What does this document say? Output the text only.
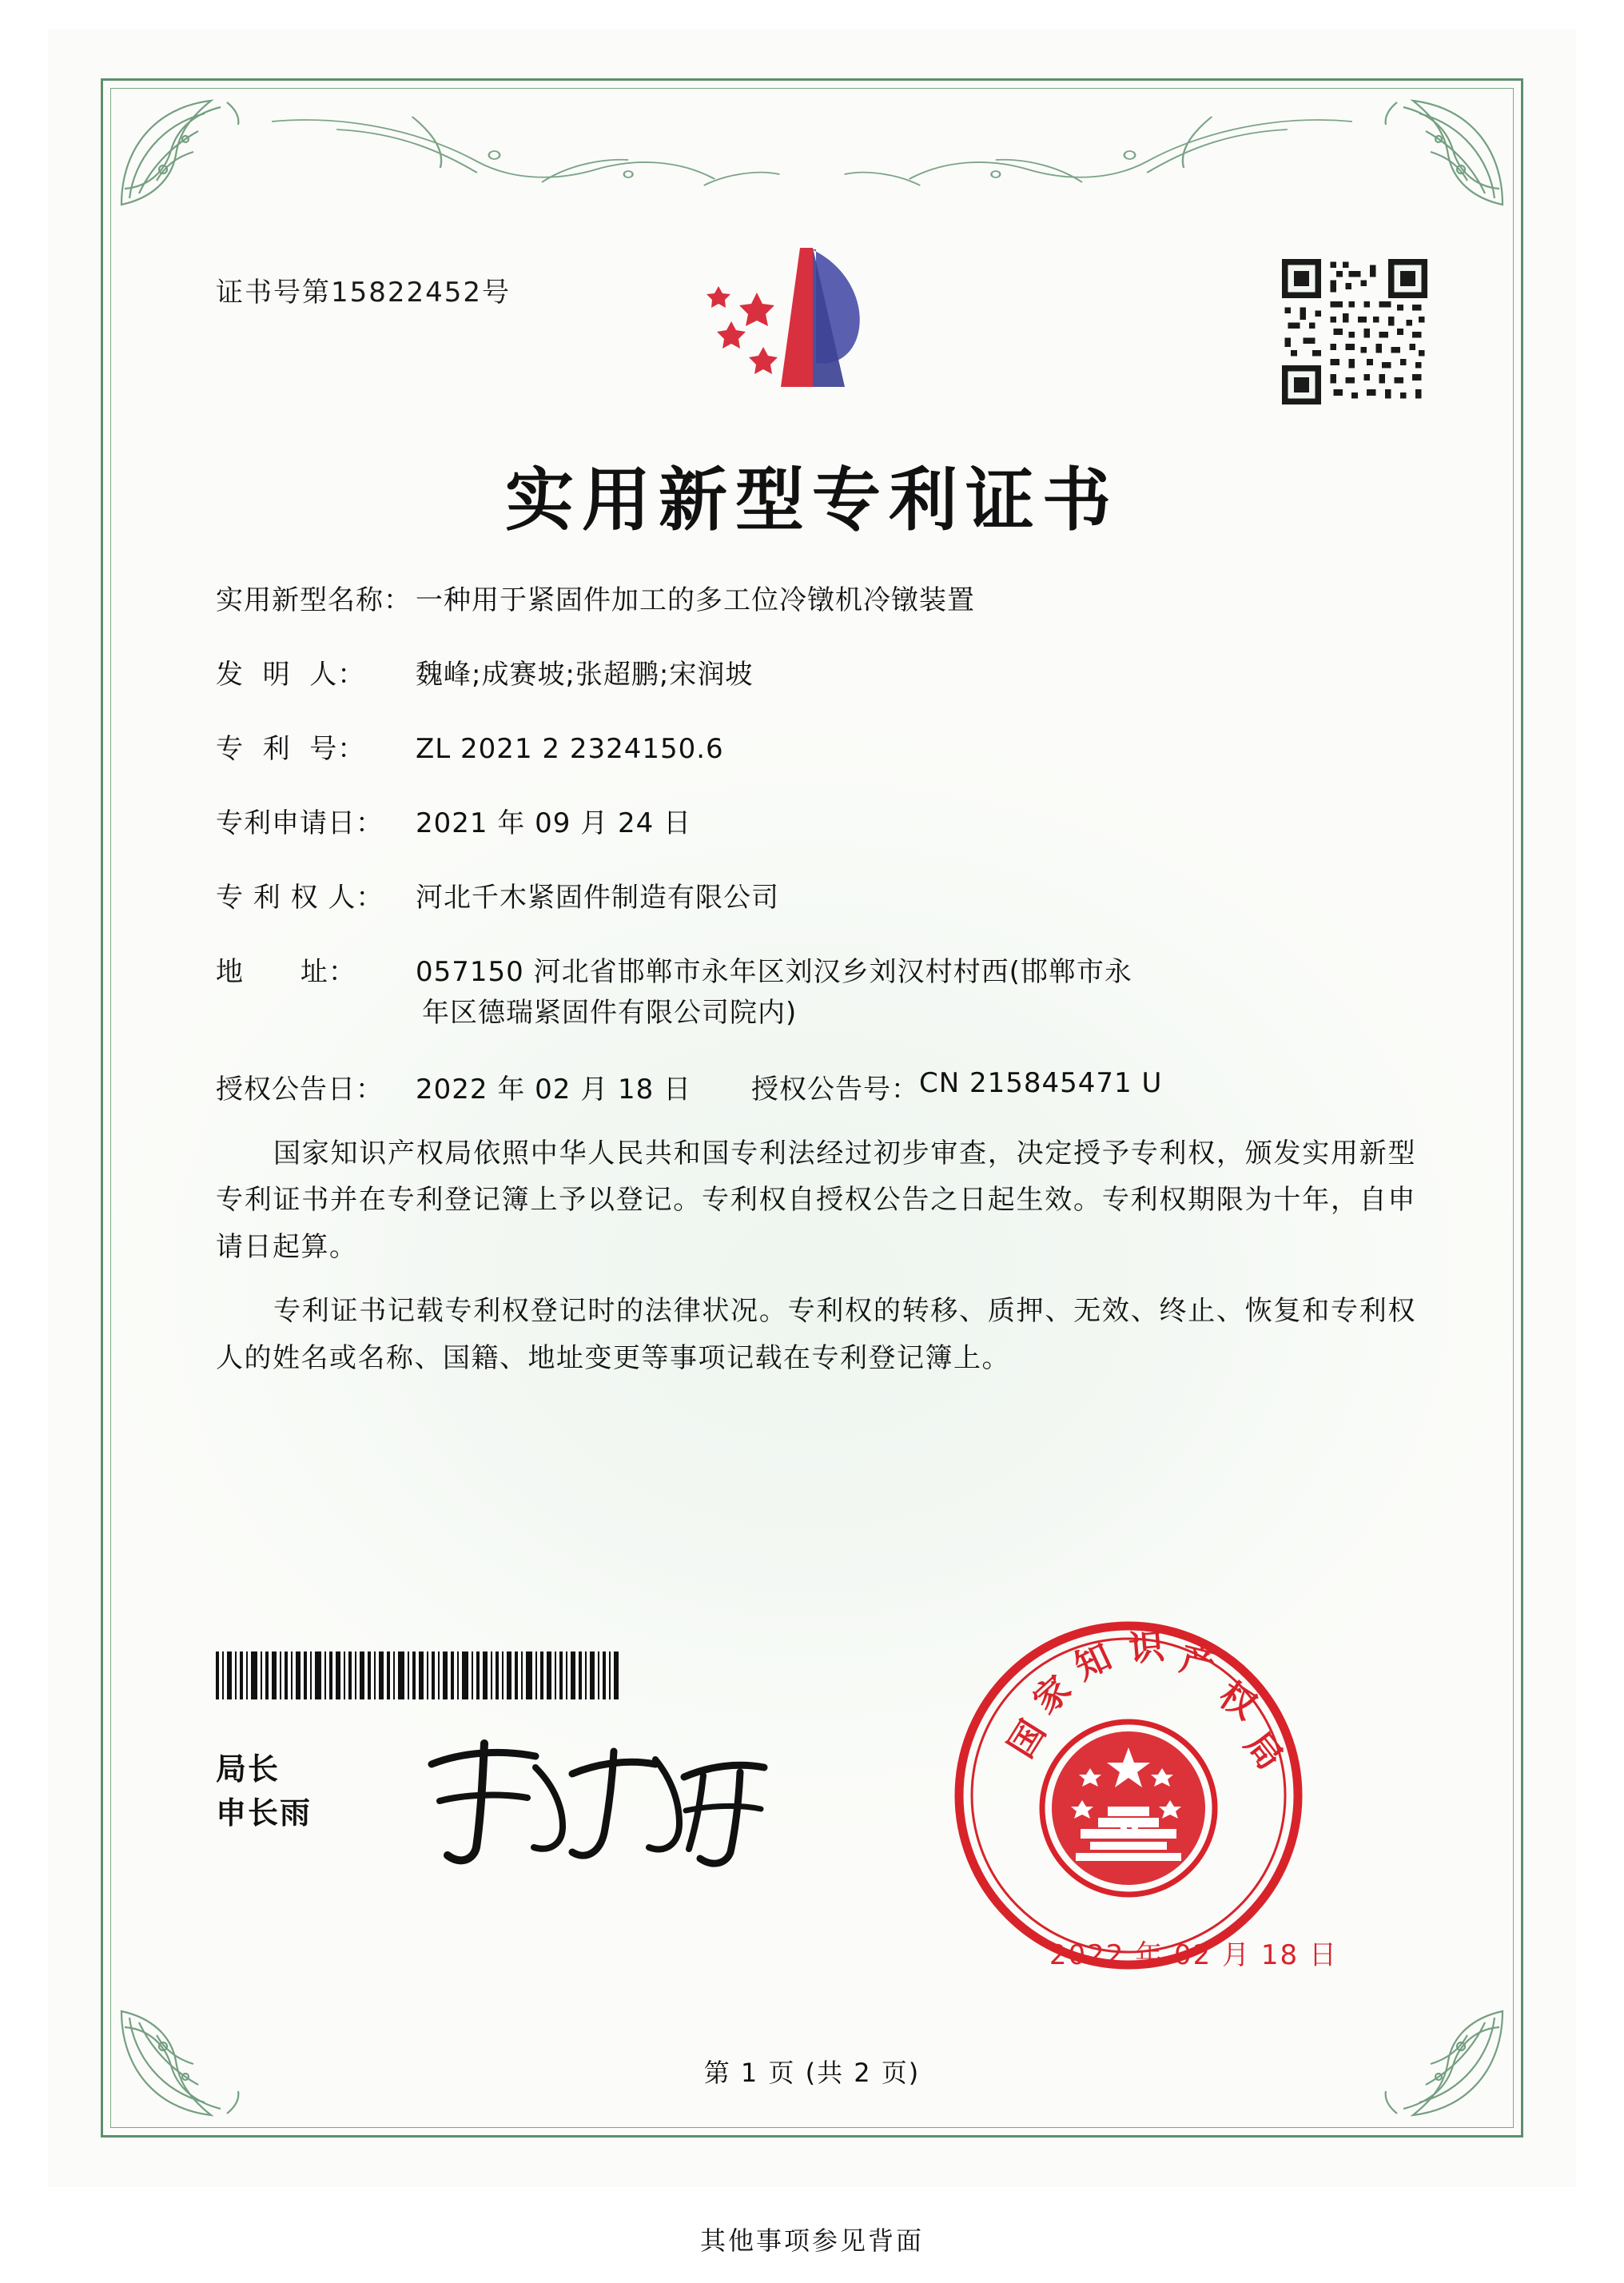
证书号第15822452号
实用新型专利证书
实用新型名称： 一种用于紧固件加工的多工位冷镦机冷镦装置
发  明  人：	魏峰;成赛坡;张超鹏;宋润坡
专  利  号：	ZL 2021 2 2324150.6
专利申请日：	2021 年 09 月 24 日
专 利 权 人：	河北千木紧固件制造有限公司
地      址：	057150 河北省邯郸市永年区刘汉乡刘汉村村西(邯郸市永
年区德瑞紧固件有限公司院内)
授权公告日：	2022 年 02 月 18 日	授权公告号： CN 215845471 U
国家知识产权局依照中华人民共和国专利法经过初步审查，决定授予专利权，颁发实用新型专利证书并在专利登记簿上予以登记。专利权自授权公告之日起生效。专利权期限为十年，自申请日起算。
专利证书记载专利权登记时的法律状况。专利权的转移、质押、无效、终止、恢复和专利权人的姓名或名称、国籍、地址变更等事项记载在专利登记簿上。
局长
申长雨
国
家
知 识 产
权
局
2022 年 02 月 18 日
第 1 页 (共 2 页)
其他事项参见背面
